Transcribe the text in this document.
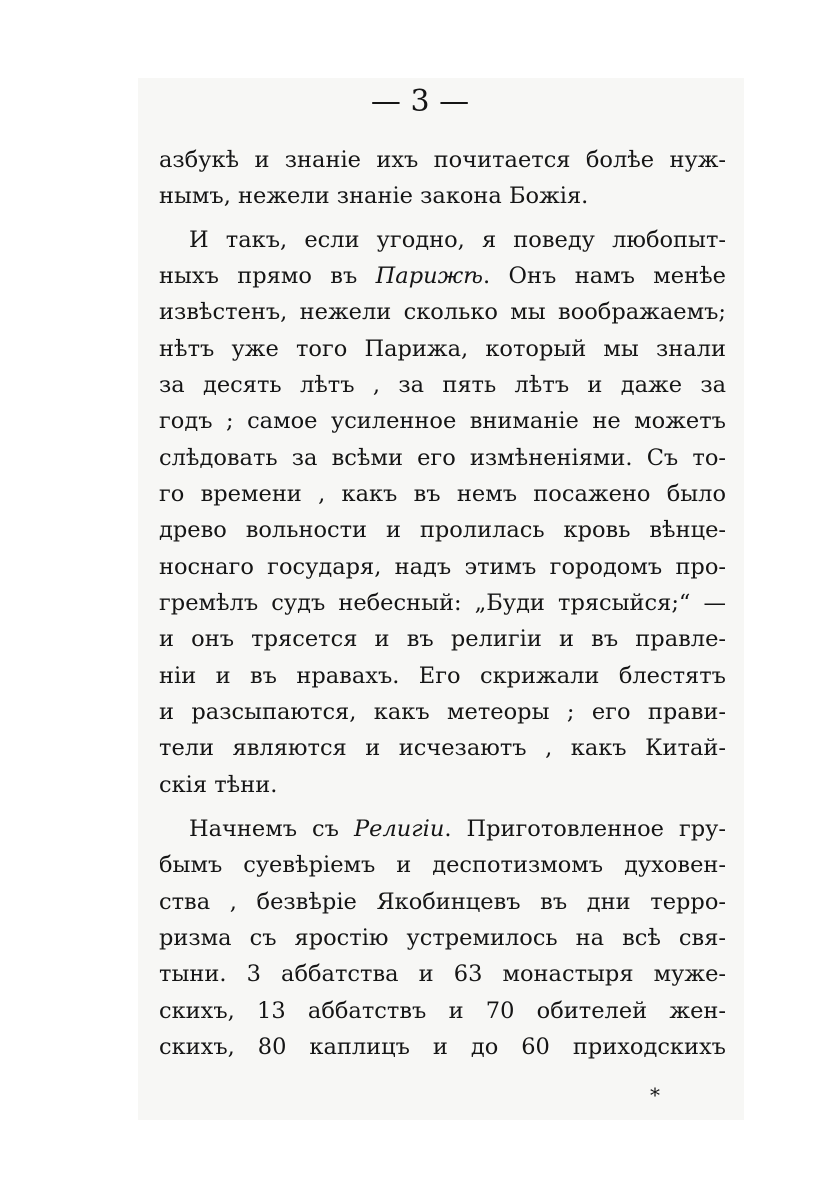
— 3 —
азбукѣ и знаніе ихъ почитается болѣе нуж-
нымъ, нежели знаніе закона Божія.
И такъ, если угодно, я поведу любопыт-
ныхъ прямо въ Парижѣ. Онъ намъ менѣе
извѣстенъ, нежели сколько мы воображаемъ;
нѣтъ уже того Парижа, который мы знали
за десять лѣтъ , за пять лѣтъ и даже за
годъ ; самое усиленное вниманіе не можетъ
слѣдовать за всѣми его измѣненіями. Съ то-
го времени , какъ въ немъ посажено было
древо вольности и пролилась кровь вѣнце-
носнаго государя, надъ этимъ городомъ про-
гремѣлъ судъ небесный: „Буди трясыйся;“ —
и онъ трясется и въ религіи и въ правле-
ніи и въ нравахъ. Его скрижали блестятъ
и разсыпаются, какъ метеоры ; его прави-
тели являются и исчезаютъ , какъ Китай-
скія тѣни.
Начнемъ съ Религіи. Приготовленное гру-
бымъ суевѣріемъ и деспотизмомъ духовен-
ства , безвѣріе Якобинцевъ въ дни терро-
ризма съ яростію устремилось на всѣ свя-
тыни. 3 аббатства и 63 монастыря муже-
скихъ, 13 аббатствъ и 70 обителей жен-
скихъ, 80 каплицъ и до 60 приходскихъ
*
